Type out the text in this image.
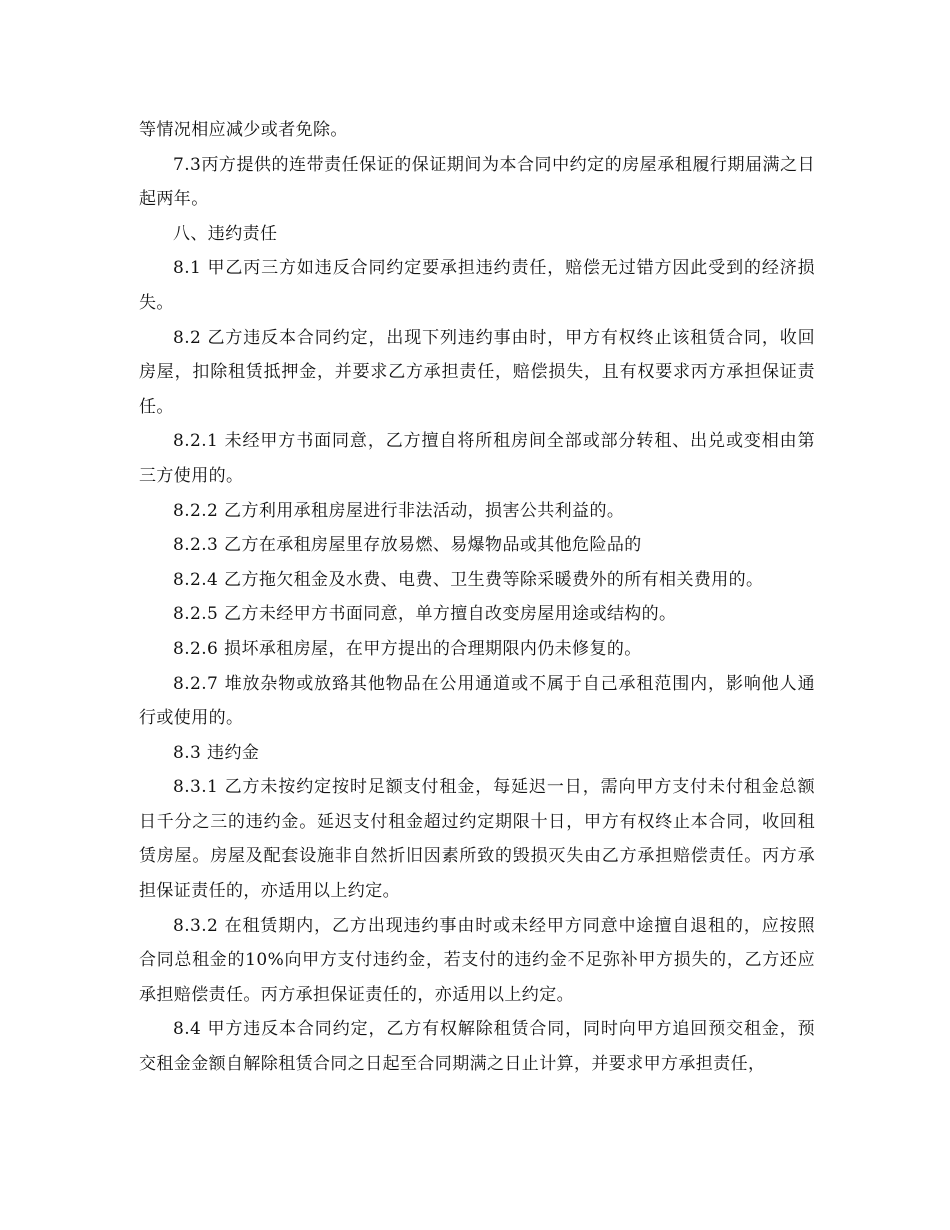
等情况相应减少或者免除。

7.3丙方提供的连带责任保证的保证期间为本合同中约定的房屋承租履行期届满之日起两年。

八、违约责任

8.1 甲乙丙三方如违反合同约定要承担违约责任，赔偿无过错方因此受到的经济损失。

8.2 乙方违反本合同约定，出现下列违约事由时，甲方有权终止该租赁合同，收回房屋，扣除租赁抵押金，并要求乙方承担责任，赔偿损失，且有权要求丙方承担保证责任。

8.2.1 未经甲方书面同意，乙方擅自将所租房间全部或部分转租、出兑或变相由第三方使用的。

8.2.2 乙方利用承租房屋进行非法活动，损害公共利益的。

8.2.3 乙方在承租房屋里存放易燃、易爆物品或其他危险品的

8.2.4 乙方拖欠租金及水费、电费、卫生费等除采暖费外的所有相关费用的。

8.2.5 乙方未经甲方书面同意，单方擅自改变房屋用途或结构的。

8.2.6 损坏承租房屋，在甲方提出的合理期限内仍未修复的。

8.2.7 堆放杂物或放臵其他物品在公用通道或不属于自己承租范围内，影响他人通行或使用的。

8.3 违约金

8.3.1 乙方未按约定按时足额支付租金，每延迟一日，需向甲方支付未付租金总额日千分之三的违约金。延迟支付租金超过约定期限十日，甲方有权终止本合同，收回租赁房屋。房屋及配套设施非自然折旧因素所致的毁损灭失由乙方承担赔偿责任。丙方承担保证责任的，亦适用以上约定。

8.3.2 在租赁期内，乙方出现违约事由时或未经甲方同意中途擅自退租的，应按照合同总租金的10%向甲方支付违约金，若支付的违约金不足弥补甲方损失的，乙方还应承担赔偿责任。丙方承担保证责任的，亦适用以上约定。

8.4 甲方违反本合同约定，乙方有权解除租赁合同，同时向甲方追回预交租金，预交租金金额自解除租赁合同之日起至合同期满之日止计算，并要求甲方承担责任，
